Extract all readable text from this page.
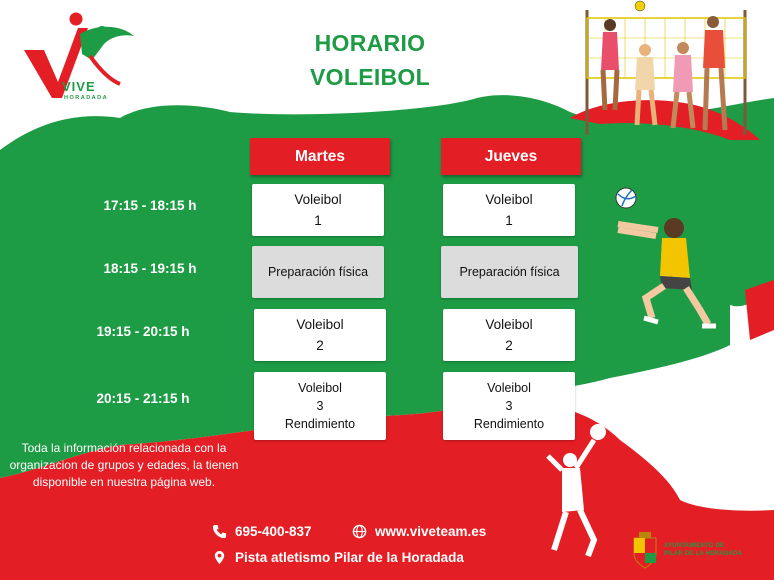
VIVE
HORADADA
HORARIO
VOLEIBOL
Martes	Jueves
17:15 - 18:15 h
18:15 - 19:15 h
19:15 - 20:15 h
20:15 - 21:15 h
Voleibol
1
Preparación física
Voleibol
2
Voleibol
3
Rendimiento
Voleibol
1
Preparación física
Voleibol
2
Voleibol
3
Rendimiento
Toda la información relacionada con la organizacion de grupos y edades, la tienen disponible en nuestra página web.
695-400-837	www.viveteam.es
Pista atletismo Pilar de la Horadada
AYUNTAMIENTO DE
PILAR DE LA HORADADA
